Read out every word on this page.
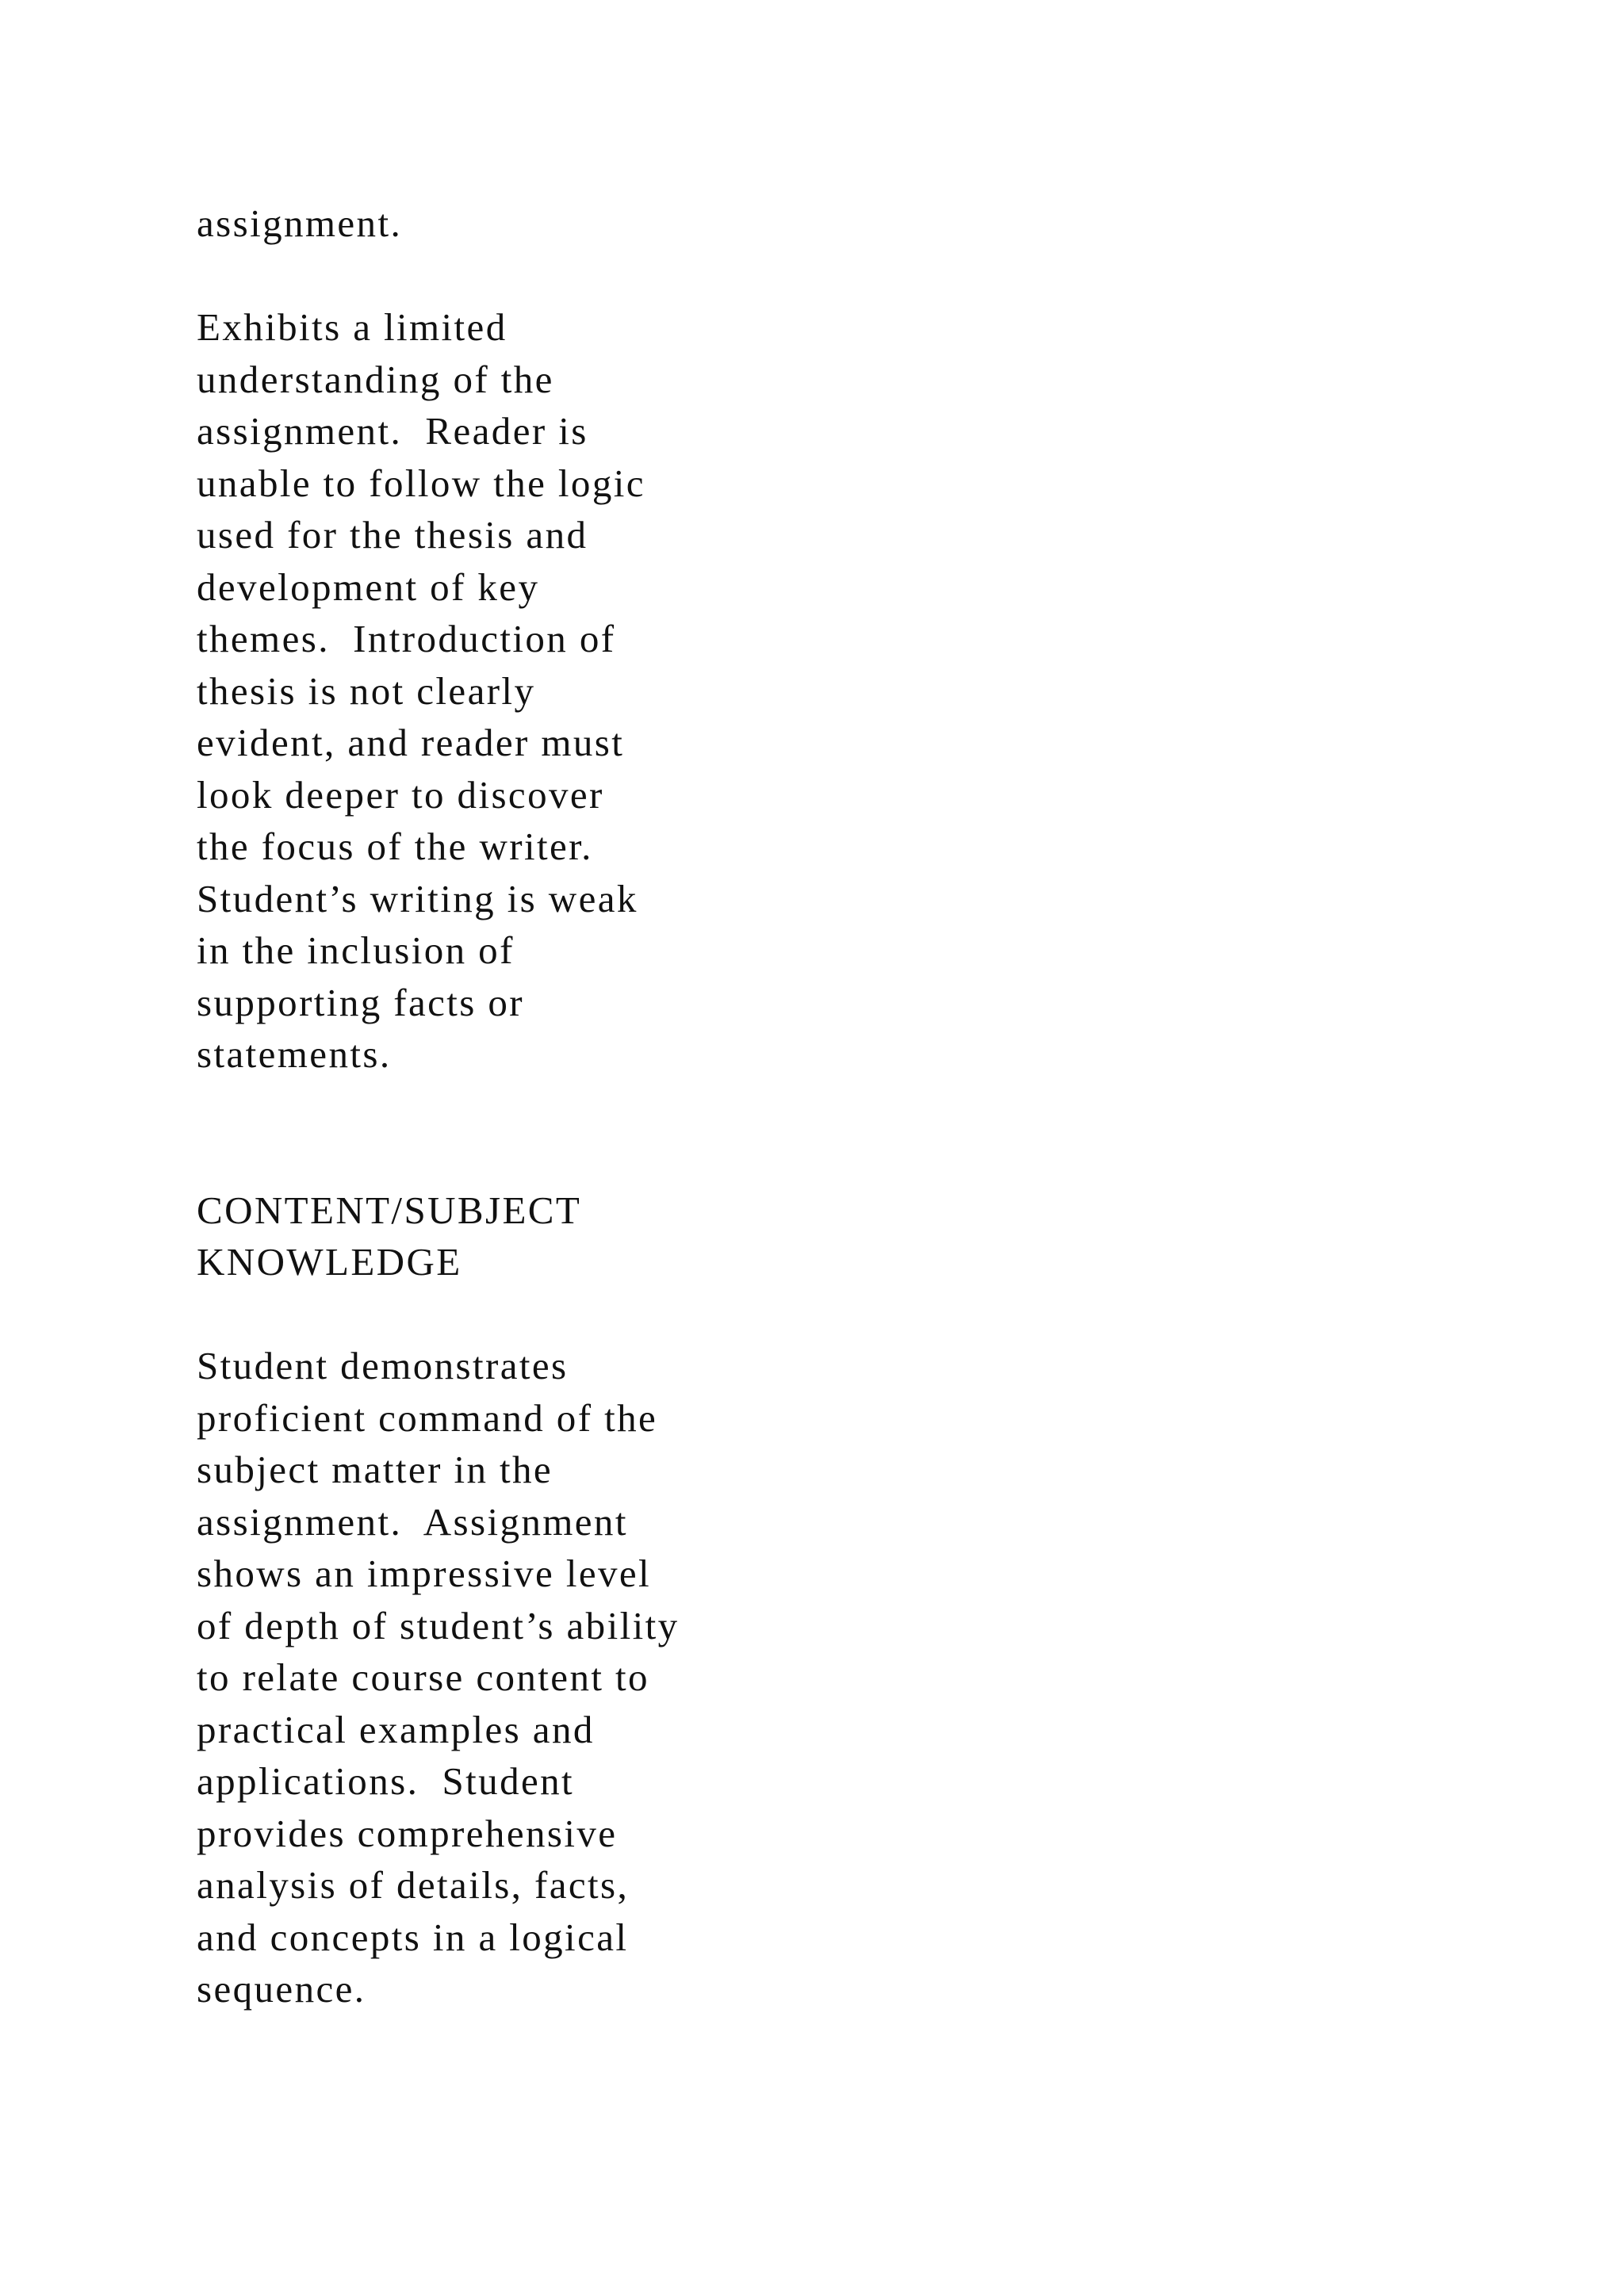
assignment.
Exhibits a limited
understanding of the
assignment.  Reader is
unable to follow the logic
used for the thesis and
development of key
themes.  Introduction of
thesis is not clearly
evident, and reader must
look deeper to discover
the focus of the writer.
Student’s writing is weak
in the inclusion of
supporting facts or
statements.
CONTENT/SUBJECT
KNOWLEDGE
Student demonstrates
proficient command of the
subject matter in the
assignment.  Assignment
shows an impressive level
of depth of student’s ability
to relate course content to
practical examples and
applications.  Student
provides comprehensive
analysis of details, facts,
and concepts in a logical
sequence.
